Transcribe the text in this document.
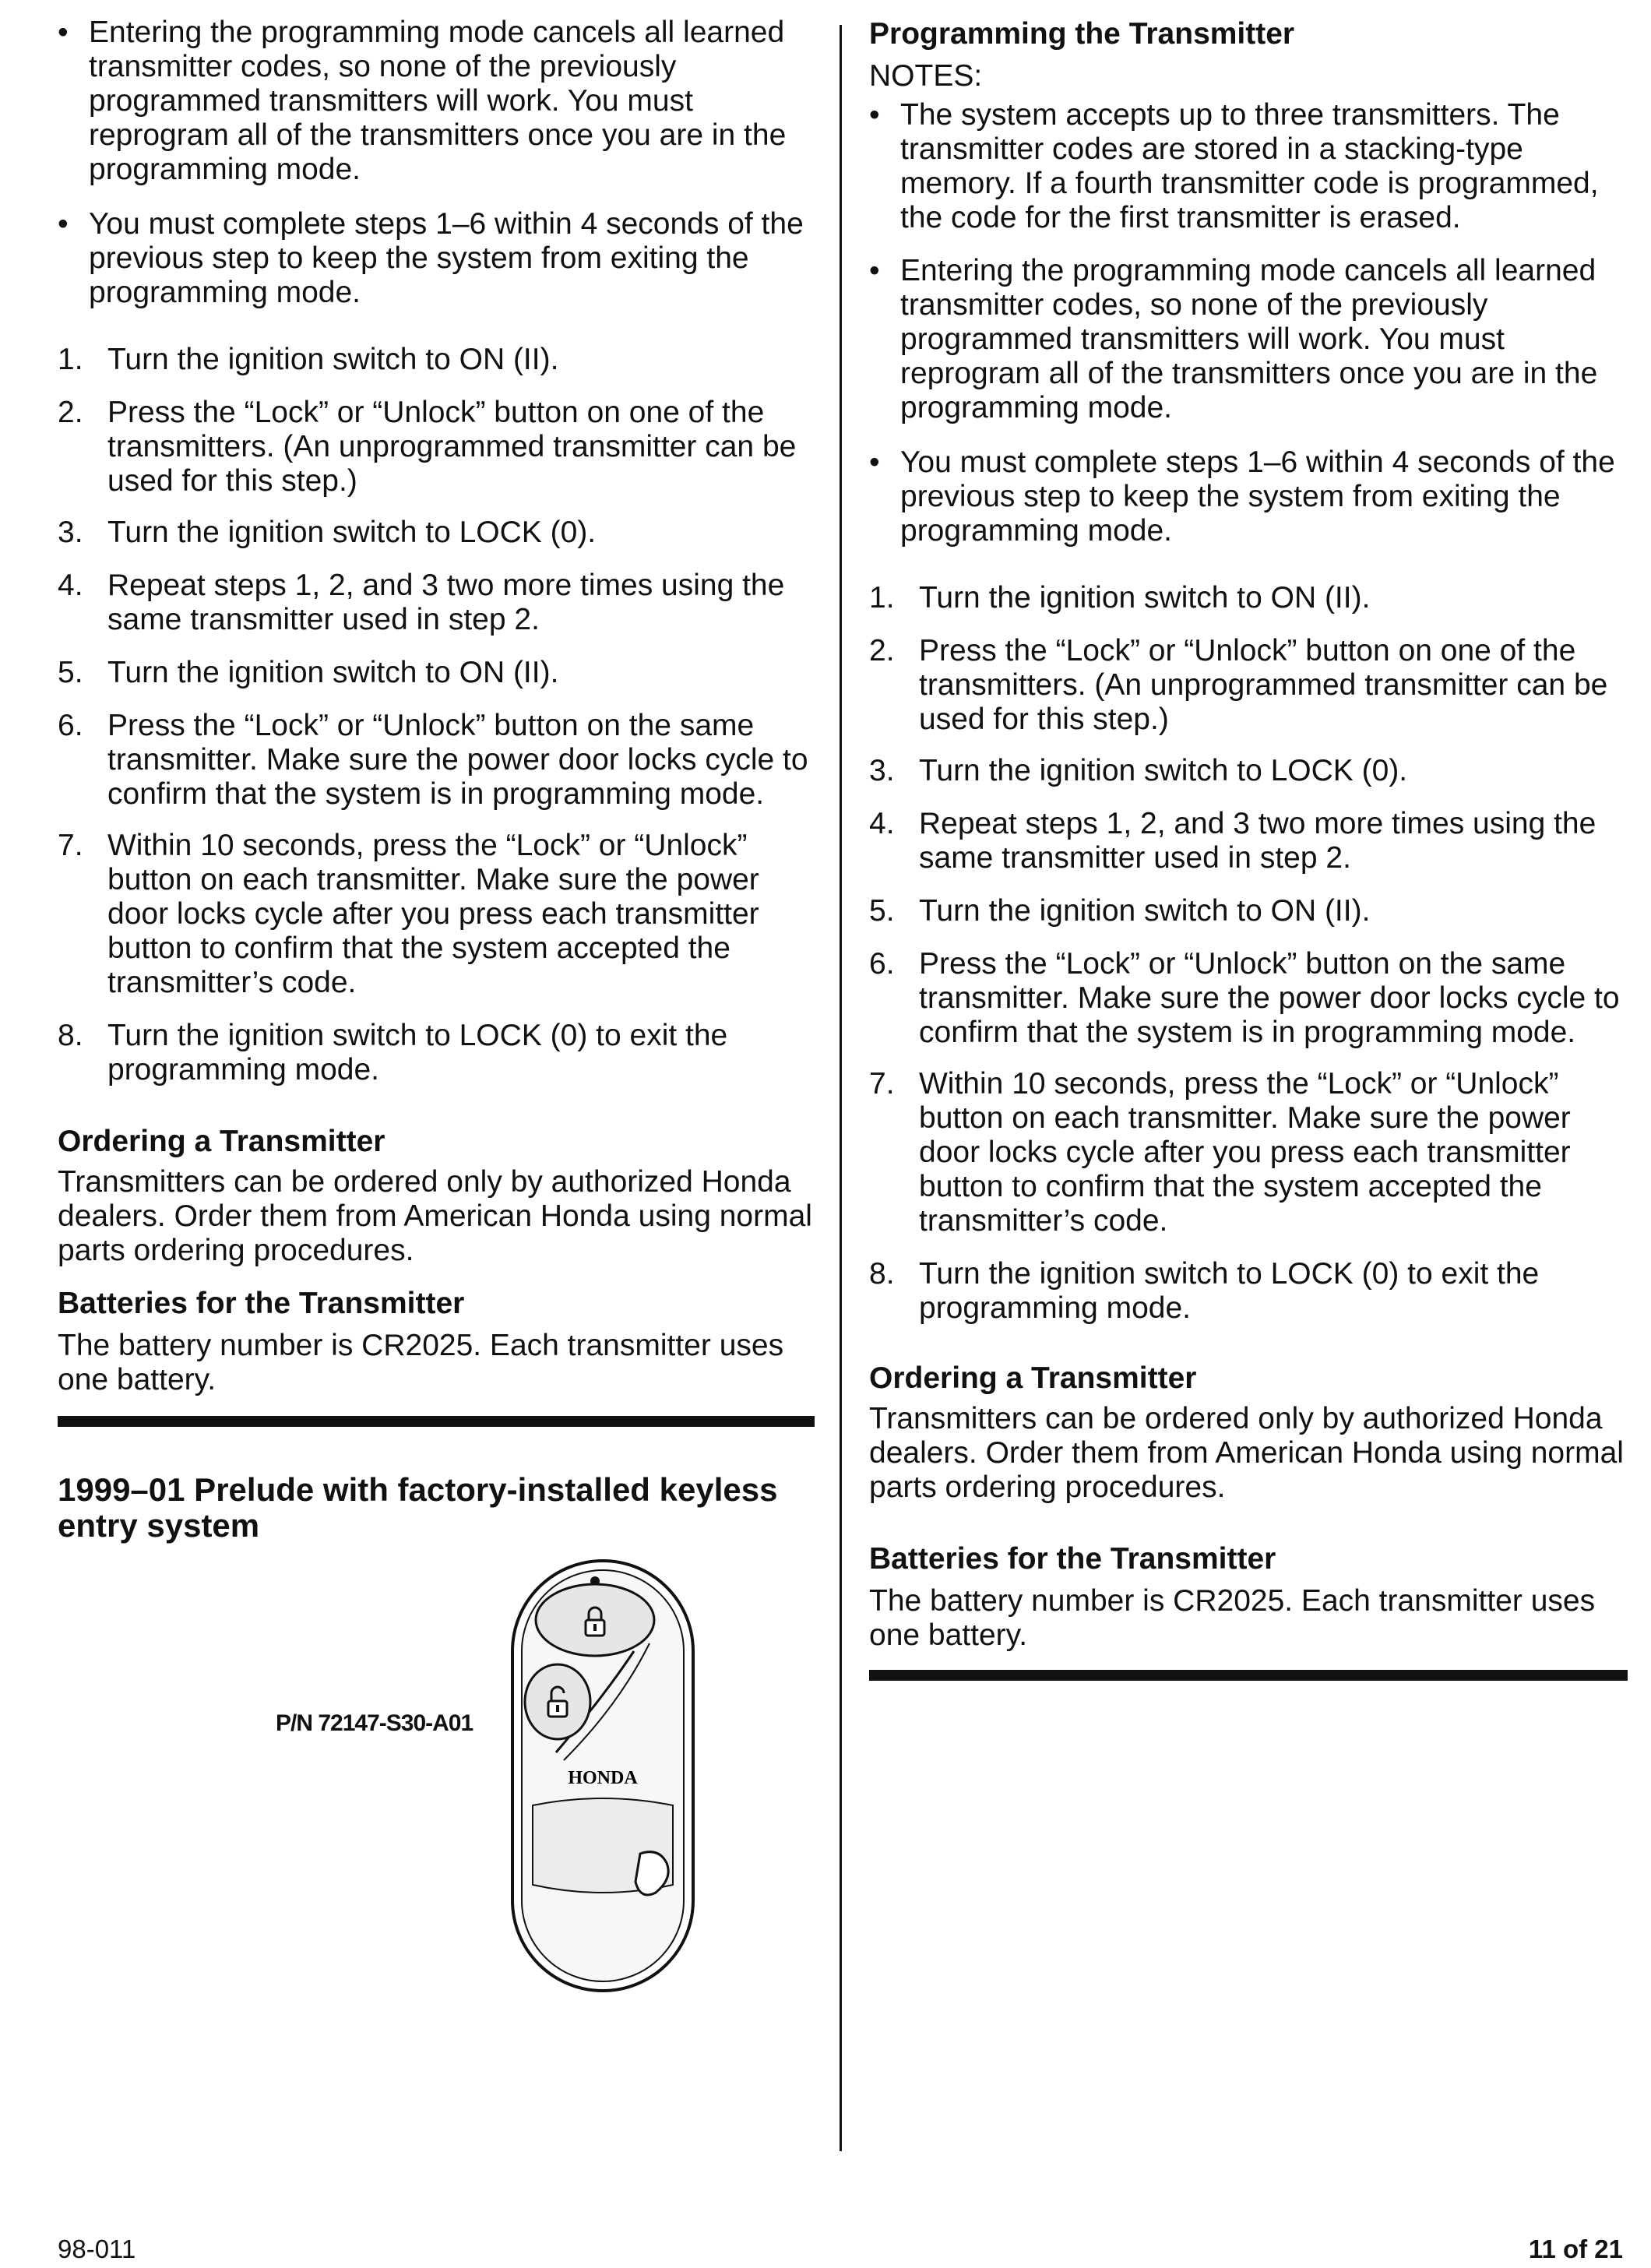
• Entering the programming mode cancels all learned transmitter codes, so none of the previously programmed transmitters will work. You must reprogram all of the transmitters once you are in the programming mode.
• You must complete steps 1–6 within 4 seconds of the previous step to keep the system from exiting the programming mode.
1. Turn the ignition switch to ON (II).
2. Press the “Lock” or “Unlock” button on one of the transmitters. (An unprogrammed transmitter can be used for this step.)
3. Turn the ignition switch to LOCK (0).
4. Repeat steps 1, 2, and 3 two more times using the same transmitter used in step 2.
5. Turn the ignition switch to ON (II).
6. Press the “Lock” or “Unlock” button on the same transmitter. Make sure the power door locks cycle to confirm that the system is in programming mode.
7. Within 10 seconds, press the “Lock” or “Unlock” button on each transmitter. Make sure the power door locks cycle after you press each transmitter button to confirm that the system accepted the transmitter’s code.
8. Turn the ignition switch to LOCK (0) to exit the programming mode.

Ordering a Transmitter

Transmitters can be ordered only by authorized Honda dealers. Order them from American Honda using normal parts ordering procedures.

Batteries for the Transmitter

The battery number is CR2025. Each transmitter uses one battery.

1999–01 Prelude with factory-installed keyless entry system

P/N 72147-S30-A01
HONDA

Programming the Transmitter

NOTES:

• The system accepts up to three transmitters. The transmitter codes are stored in a stacking-type memory. If a fourth transmitter code is programmed, the code for the first transmitter is erased.
• Entering the programming mode cancels all learned transmitter codes, so none of the previously programmed transmitters will work. You must reprogram all of the transmitters once you are in the programming mode.
• You must complete steps 1–6 within 4 seconds of the previous step to keep the system from exiting the programming mode.
1. Turn the ignition switch to ON (II).
2. Press the “Lock” or “Unlock” button on one of the transmitters. (An unprogrammed transmitter can be used for this step.)
3. Turn the ignition switch to LOCK (0).
4. Repeat steps 1, 2, and 3 two more times using the same transmitter used in step 2.
5. Turn the ignition switch to ON (II).
6. Press the “Lock” or “Unlock” button on the same transmitter. Make sure the power door locks cycle to confirm that the system is in programming mode.
7. Within 10 seconds, press the “Lock” or “Unlock” button on each transmitter. Make sure the power door locks cycle after you press each transmitter button to confirm that the system accepted the transmitter’s code.
8. Turn the ignition switch to LOCK (0) to exit the programming mode.

Ordering a Transmitter

Transmitters can be ordered only by authorized Honda dealers. Order them from American Honda using normal parts ordering procedures.

Batteries for the Transmitter

The battery number is CR2025. Each transmitter uses one battery.

98-011	11 of 21
